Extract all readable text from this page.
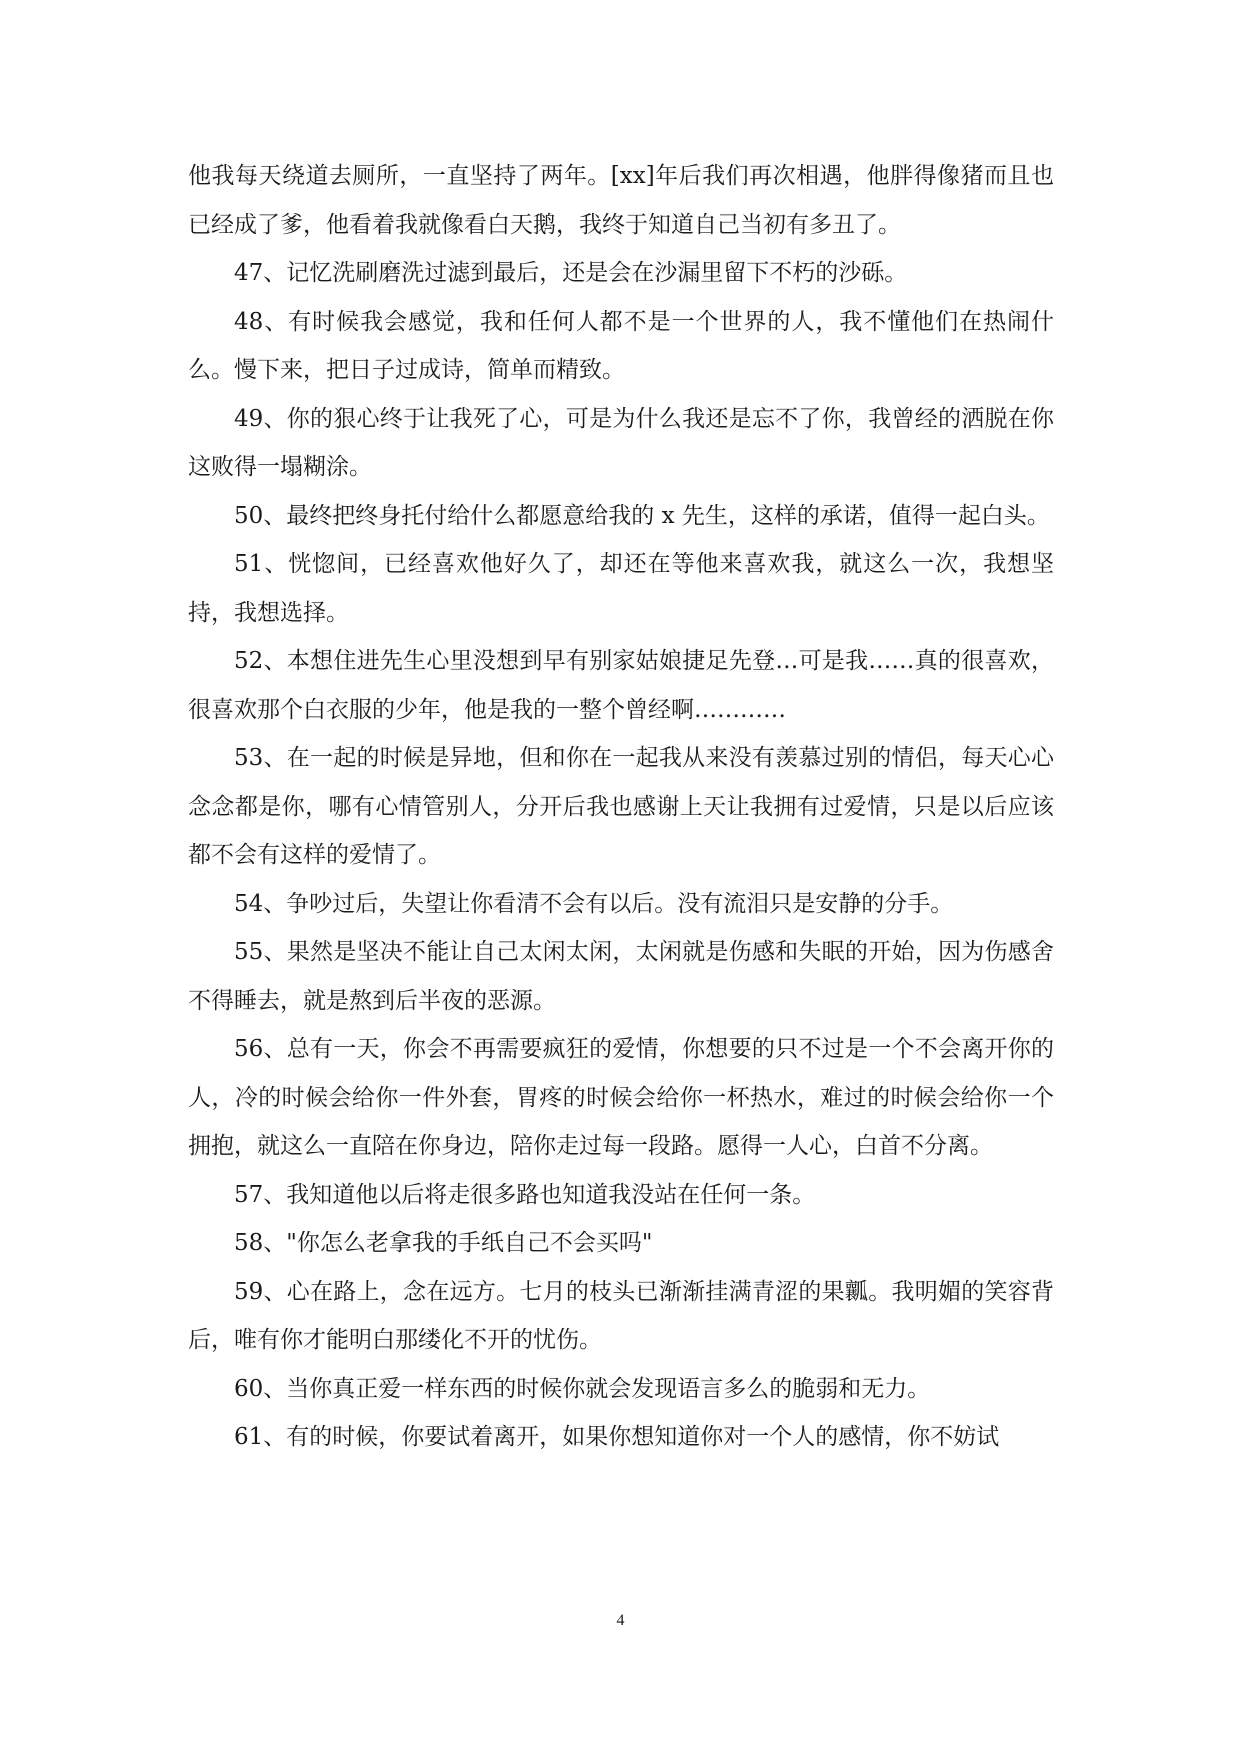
他我每天绕道去厕所，一直坚持了两年。[xx]年后我们再次相遇，他胖得像猪而且也已经成了爹，他看着我就像看白天鹅，我终于知道自己当初有多丑了。

47、记忆洗刷磨洗过滤到最后，还是会在沙漏里留下不朽的沙砾。

48、有时候我会感觉，我和任何人都不是一个世界的人，我不懂他们在热闹什么。慢下来，把日子过成诗，简单而精致。

49、你的狠心终于让我死了心，可是为什么我还是忘不了你，我曾经的洒脱在你这败得一塌糊涂。

50、最终把终身托付给什么都愿意给我的 x 先生，这样的承诺，值得一起白头。

51、恍惚间，已经喜欢他好久了，却还在等他来喜欢我，就这么一次，我想坚持，我想选择。

52、本想住进先生心里没想到早有别家姑娘捷足先登…可是我……真的很喜欢，很喜欢那个白衣服的少年，他是我的一整个曾经啊…………

53、在一起的时候是异地，但和你在一起我从来没有羡慕过别的情侣，每天心心念念都是你，哪有心情管别人，分开后我也感谢上天让我拥有过爱情，只是以后应该都不会有这样的爱情了。

54、争吵过后，失望让你看清不会有以后。没有流泪只是安静的分手。

55、果然是坚决不能让自己太闲太闲，太闲就是伤感和失眠的开始，因为伤感舍不得睡去，就是熬到后半夜的恶源。

56、总有一天，你会不再需要疯狂的爱情，你想要的只不过是一个不会离开你的人，冷的时候会给你一件外套，胃疼的时候会给你一杯热水，难过的时候会给你一个拥抱，就这么一直陪在你身边，陪你走过每一段路。愿得一人心，白首不分离。

57、我知道他以后将走很多路也知道我没站在任何一条。

58、"你怎么老拿我的手纸自己不会买吗"

59、心在路上，念在远方。七月的枝头已渐渐挂满青涩的果瓤。我明媚的笑容背后，唯有你才能明白那缕化不开的忧伤。

60、当你真正爱一样东西的时候你就会发现语言多么的脆弱和无力。

61、有的时候，你要试着离开，如果你想知道你对一个人的感情，你不妨试

4
